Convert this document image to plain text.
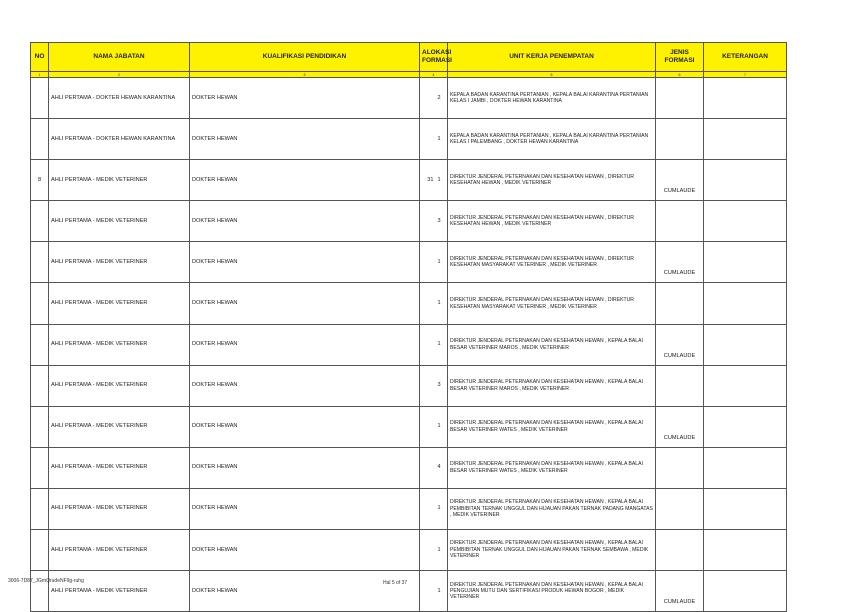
NO	NAMA JABATAN	KUALIFIKASI PENDIDIKAN	ALOKASI FORMASI	UNIT KERJA PENEMPATAN	JENIS FORMASI	KETERANGAN
1	2	3	4	5	6	7
	AHLI PERTAMA - DOKTER HEWAN KARANTINA	DOKTER HEWAN	2	KEPALA BADAN KARANTINA PERTANIAN , KEPALA BALAI KARANTINA PERTANIAN KELAS I JAMBI , DOKTER HEWAN KARANTINA		
	AHLI PERTAMA - DOKTER HEWAN KARANTINA	DOKTER HEWAN	1	KEPALA BADAN KARANTINA PERTANIAN , KEPALA BALAI KARANTINA PERTANIAN KELAS I PALEMBANG , DOKTER HEWAN KARANTINA		
8	AHLI PERTAMA - MEDIK VETERINER	DOKTER HEWAN	31 1	DIREKTUR JENDERAL PETERNAKAN DAN KESEHATAN HEWAN , DIREKTUR KESEHATAN HEWAN , MEDIK VETERINER	CUMLAUDE	
	AHLI PERTAMA - MEDIK VETERINER	DOKTER HEWAN	3	DIREKTUR JENDERAL PETERNAKAN DAN KESEHATAN HEWAN , DIREKTUR KESEHATAN HEWAN , MEDIK VETERINER		
	AHLI PERTAMA - MEDIK VETERINER	DOKTER HEWAN	1	DIREKTUR JENDERAL PETERNAKAN DAN KESEHATAN HEWAN , DIREKTUR KESEHATAN MASYARAKAT VETERINER , MEDIK VETERINER	CUMLAUDE	
	AHLI PERTAMA - MEDIK VETERINER	DOKTER HEWAN	1	DIREKTUR JENDERAL PETERNAKAN DAN KESEHATAN HEWAN , DIREKTUR KESEHATAN MASYARAKAT VETERINER , MEDIK VETERINER		
	AHLI PERTAMA - MEDIK VETERINER	DOKTER HEWAN	1	DIREKTUR JENDERAL PETERNAKAN DAN KESEHATAN HEWAN , KEPALA BALAI BESAR VETERINER MAROS , MEDIK VETERINER	CUMLAUDE	
	AHLI PERTAMA - MEDIK VETERINER	DOKTER HEWAN	3	DIREKTUR JENDERAL PETERNAKAN DAN KESEHATAN HEWAN , KEPALA BALAI BESAR VETERINER MAROS , MEDIK VETERINER		
	AHLI PERTAMA - MEDIK VETERINER	DOKTER HEWAN	1	DIREKTUR JENDERAL PETERNAKAN DAN KESEHATAN HEWAN , KEPALA BALAI BESAR VETERINER WATES , MEDIK VETERINER	CUMLAUDE	
	AHLI PERTAMA - MEDIK VETERINER	DOKTER HEWAN	4	DIREKTUR JENDERAL PETERNAKAN DAN KESEHATAN HEWAN , KEPALA BALAI BESAR VETERINER WATES , MEDIK VETERINER		
	AHLI PERTAMA - MEDIK VETERINER	DOKTER HEWAN	1	DIREKTUR JENDERAL PETERNAKAN DAN KESEHATAN HEWAN , KEPALA BALAI PEMBIBITAN TERNAK UNGGUL DAN HIJAUAN PAKAN TERNAK PADANG MANGATAS , MEDIK VETERINER		
	AHLI PERTAMA - MEDIK VETERINER	DOKTER HEWAN	1	DIREKTUR JENDERAL PETERNAKAN DAN KESEHATAN HEWAN , KEPALA BALAI PEMBIBITAN TERNAK UNGGUL DAN HIJAUAN PAKAN TERNAK SEMBAWA , MEDIK VETERINER		
	AHLI PERTAMA - MEDIK VETERINER	DOKTER HEWAN	1	DIREKTUR JENDERAL PETERNAKAN DAN KESEHATAN HEWAN , KEPALA BALAI PENGUJIAN MUTU DAN SERTIFIKASI PRODUK HEWAN BOGOR , MEDIK VETERINER	CUMLAUDE	
3006-7D87_JGmQrudeNF9g-ruhg	Hal 5 of 37
